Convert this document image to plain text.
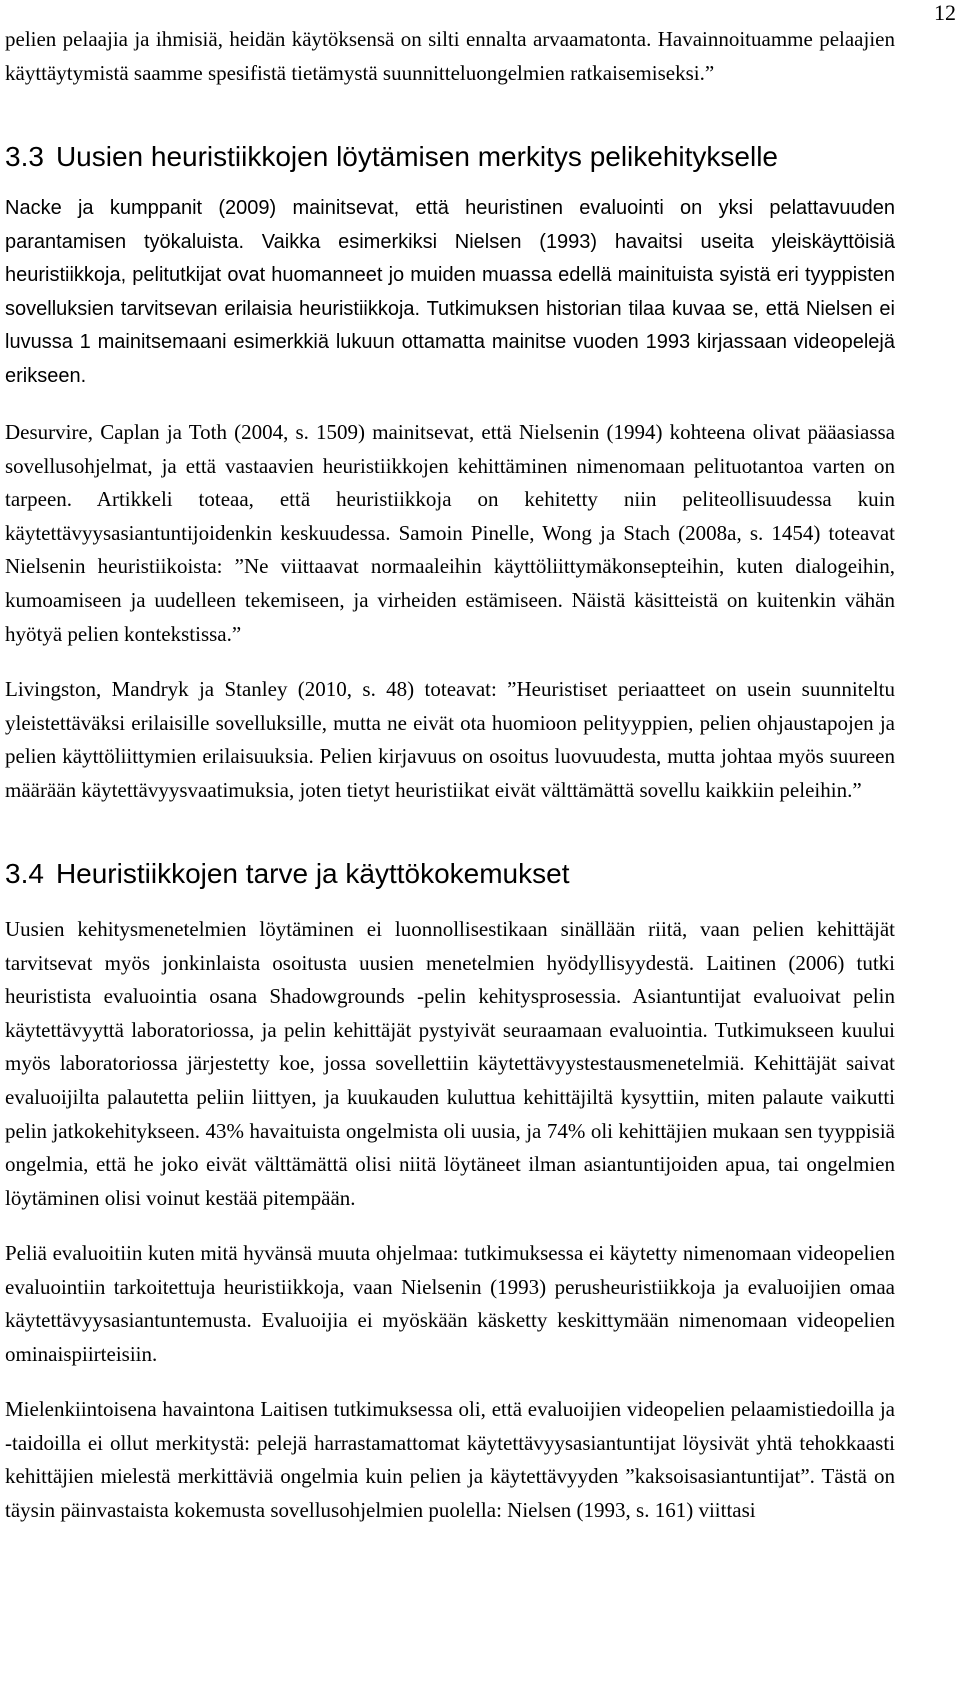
12

pelien pelaajia ja ihmisiä, heidän käytöksensä on silti ennalta arvaamatonta. Havainnoituamme pelaajien käyttäytymistä saamme spesifistä tietämystä suunnitteluongelmien ratkaisemiseksi.”

3.3 Uusien heuristiikkojen löytämisen merkitys pelikehitykselle

Nacke ja kumppanit (2009) mainitsevat, että heuristinen evaluointi on yksi pelattavuuden parantamisen työkaluista. Vaikka esimerkiksi Nielsen (1993) havaitsi useita yleiskäyttöisiä heuristiikkoja, pelitutkijat ovat huomanneet jo muiden muassa edellä mainituista syistä eri tyyppisten sovelluksien tarvitsevan erilaisia heuristiikkoja. Tutkimuksen historian tilaa kuvaa se, että Nielsen ei luvussa 1 mainitsemaani esimerkkiä lukuun ottamatta mainitse vuoden 1993 kirjassaan videopelejä erikseen.

Desurvire, Caplan ja Toth (2004, s. 1509) mainitsevat, että Nielsenin (1994) kohteena olivat pääasiassa sovellusohjelmat, ja että vastaavien heuristiikkojen kehittäminen nimenomaan pelituotantoa varten on tarpeen. Artikkeli toteaa, että heuristiikkoja on kehitetty niin peliteollisuudessa kuin käytettävyysasiantuntijoidenkin keskuudessa. Samoin Pinelle, Wong ja Stach (2008a, s. 1454) toteavat Nielsenin heuristiikoista: ”Ne viittaavat normaaleihin käyttöliittymäkonsepteihin, kuten dialogeihin, kumoamiseen ja uudelleen tekemiseen, ja virheiden estämiseen. Näistä käsitteistä on kuitenkin vähän hyötyä pelien kontekstissa.”

Livingston, Mandryk ja Stanley (2010, s. 48) toteavat: ”Heuristiset periaatteet on usein suunniteltu yleistettäväksi erilaisille sovelluksille, mutta ne eivät ota huomioon pelityyppien, pelien ohjaustapojen ja pelien käyttöliittymien erilaisuuksia. Pelien kirjavuus on osoitus luovuudesta, mutta johtaa myös suureen määrään käytettävyysvaatimuksia, joten tietyt heuristiikat eivät välttämättä sovellu kaikkiin peleihin.”

3.4 Heuristiikkojen tarve ja käyttökokemukset

Uusien kehitysmenetelmien löytäminen ei luonnollisestikaan sinällään riitä, vaan pelien kehittäjät tarvitsevat myös jonkinlaista osoitusta uusien menetelmien hyödyllisyydestä. Laitinen (2006) tutki heuristista evaluointia osana Shadowgrounds -pelin kehitysprosessia. Asiantuntijat evaluoivat pelin käytettävyyttä laboratoriossa, ja pelin kehittäjät pystyivät seuraamaan evaluointia. Tutkimukseen kuului myös laboratoriossa järjestetty koe, jossa sovellettiin käytettävyystestausmenetelmiä. Kehittäjät saivat evaluoijilta palautetta peliin liittyen, ja kuukauden kuluttua kehittäjiltä kysyttiin, miten palaute vaikutti pelin jatkokehitykseen. 43% havaituista ongelmista oli uusia, ja 74% oli kehittäjien mukaan sen tyyppisiä ongelmia, että he joko eivät välttämättä olisi niitä löytäneet ilman asiantuntijoiden apua, tai ongelmien löytäminen olisi voinut kestää pitempään.

Peliä evaluoitiin kuten mitä hyvänsä muuta ohjelmaa: tutkimuksessa ei käytetty nimenomaan videopelien evaluointiin tarkoitettuja heuristiikkoja, vaan Nielsenin (1993) perusheuristiikkoja ja evaluoijien omaa käytettävyysasiantuntemusta. Evaluoijia ei myöskään käsketty keskittymään nimenomaan videopelien ominaispiirteisiin.

Mielenkiintoisena havaintona Laitisen tutkimuksessa oli, että evaluoijien videopelien pelaamistiedoilla ja -taidoilla ei ollut merkitystä: pelejä harrastamattomat käytettävyysasiantuntijat löysivät yhtä tehokkaasti kehittäjien mielestä merkittäviä ongelmia kuin pelien ja käytettävyyden ”kaksoisasiantuntijat”. Tästä on täysin päinvastaista kokemusta sovellusohjelmien puolella: Nielsen (1993, s. 161) viittasi
